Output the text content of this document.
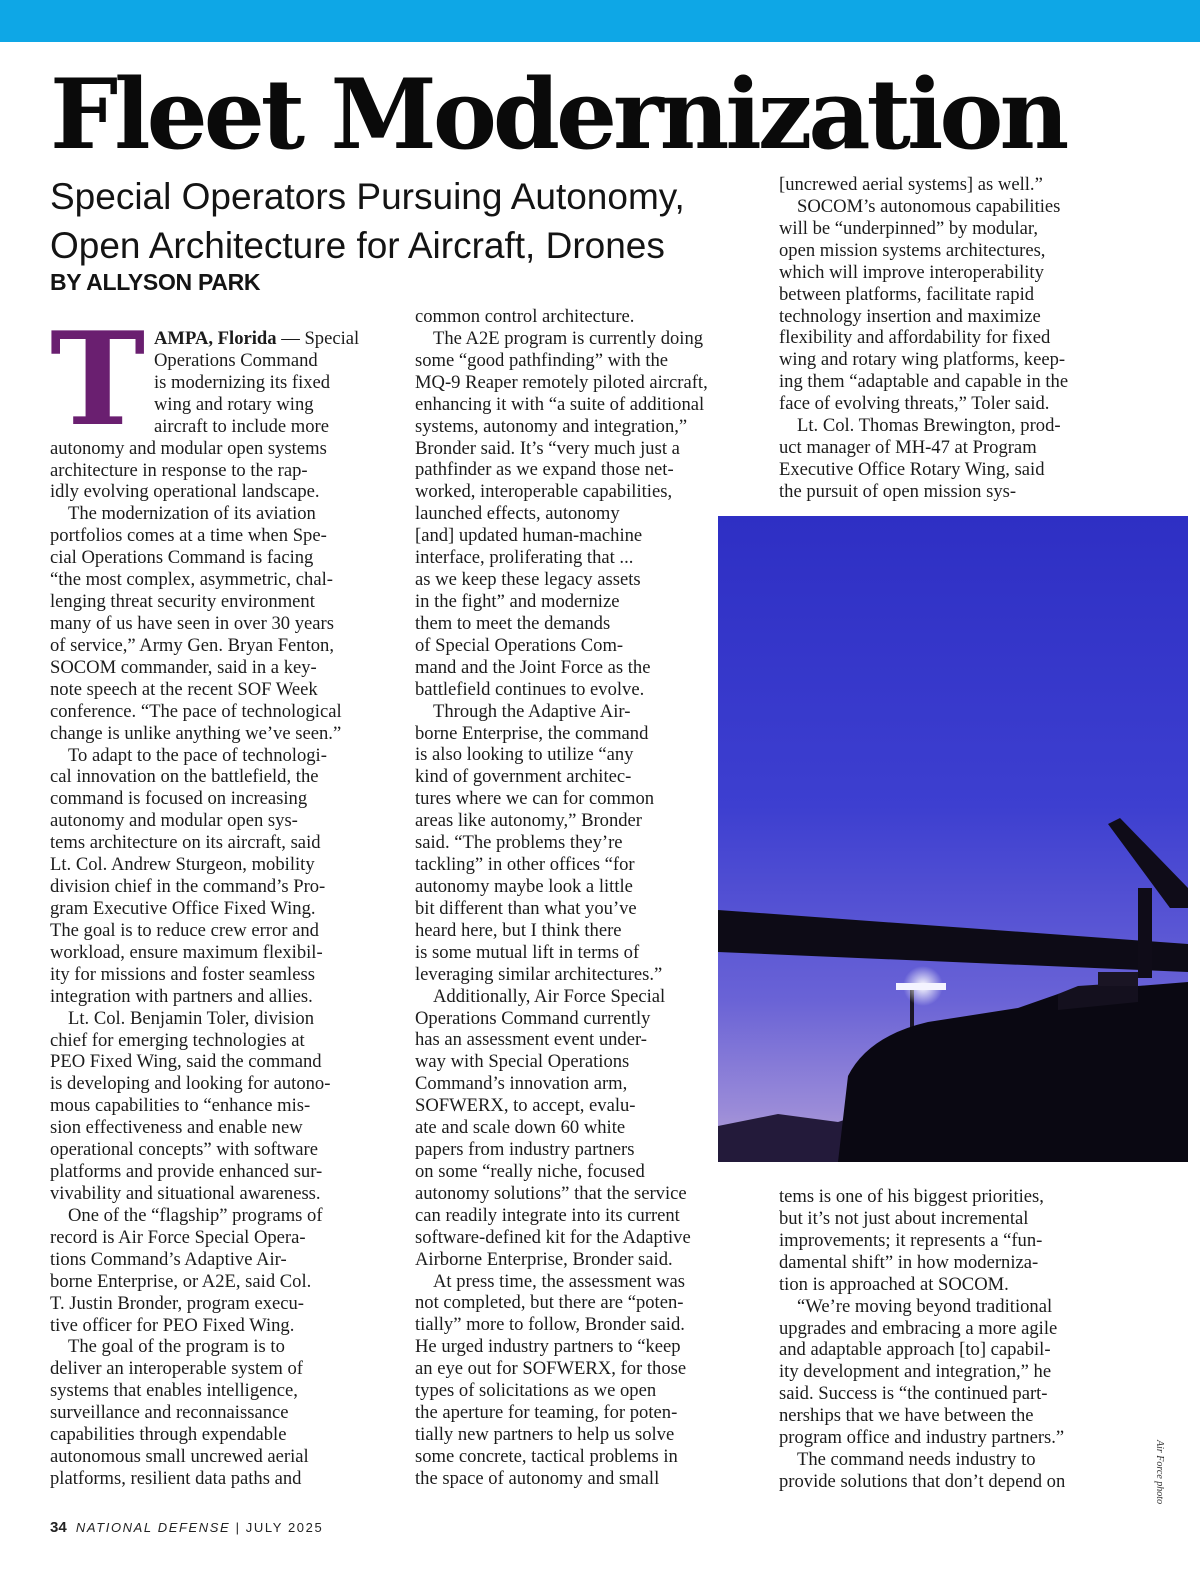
Fleet Modernization
Special Operators Pursuing Autonomy,
Open Architecture for Aircraft, Drones
BY ALLYSON PARK
T AMPA, Florida — Special
Operations Command
is modernizing its fixed
wing and rotary wing
aircraft to include more
autonomy and modular open systems
architecture in response to the rap-
idly evolving operational landscape.
The modernization of its aviation
portfolios comes at a time when Spe-
cial Operations Command is facing
“the most complex, asymmetric, chal-
lenging threat security environment
many of us have seen in over 30 years
of service,” Army Gen. Bryan Fenton,
SOCOM commander, said in a key-
note speech at the recent SOF Week
conference. “The pace of technological
change is unlike anything we’ve seen.”
To adapt to the pace of technologi-
cal innovation on the battlefield, the
command is focused on increasing
autonomy and modular open sys-
tems architecture on its aircraft, said
Lt. Col. Andrew Sturgeon, mobility
division chief in the command’s Pro-
gram Executive Office Fixed Wing.
The goal is to reduce crew error and
workload, ensure maximum flexibil-
ity for missions and foster seamless
integration with partners and allies.
Lt. Col. Benjamin Toler, division
chief for emerging technologies at
PEO Fixed Wing, said the command
is developing and looking for autono-
mous capabilities to “enhance mis-
sion effectiveness and enable new
operational concepts” with software
platforms and provide enhanced sur-
vivability and situational awareness.
One of the “flagship” programs of
record is Air Force Special Opera-
tions Command’s Adaptive Air-
borne Enterprise, or A2E, said Col.
T. Justin Bronder, program execu-
tive officer for PEO Fixed Wing.
The goal of the program is to
deliver an interoperable system of
systems that enables intelligence,
surveillance and reconnaissance
capabilities through expendable
autonomous small uncrewed aerial
platforms, resilient data paths and
common control architecture.
The A2E program is currently doing
some “good pathfinding” with the
MQ-9 Reaper remotely piloted aircraft,
enhancing it with “a suite of additional
systems, autonomy and integration,”
Bronder said. It’s “very much just a
pathfinder as we expand those net-
worked, interoperable capabilities,
launched effects, autonomy
[and] updated human-machine
interface, proliferating that ...
as we keep these legacy assets
in the fight” and modernize
them to meet the demands
of Special Operations Com-
mand and the Joint Force as the
battlefield continues to evolve.
Through the Adaptive Air-
borne Enterprise, the command
is also looking to utilize “any
kind of government architec-
tures where we can for common
areas like autonomy,” Bronder
said. “The problems they’re
tackling” in other offices “for
autonomy maybe look a little
bit different than what you’ve
heard here, but I think there
is some mutual lift in terms of
leveraging similar architectures.”
Additionally, Air Force Special
Operations Command currently
has an assessment event under-
way with Special Operations
Command’s innovation arm,
SOFWERX, to accept, evalu-
ate and scale down 60 white
papers from industry partners
on some “really niche, focused
autonomy solutions” that the service
can readily integrate into its current
software-defined kit for the Adaptive
Airborne Enterprise, Bronder said.
At press time, the assessment was
not completed, but there are “poten-
tially” more to follow, Bronder said.
He urged industry partners to “keep
an eye out for SOFWERX, for those
types of solicitations as we open
the aperture for teaming, for poten-
tially new partners to help us solve
some concrete, tactical problems in
the space of autonomy and small
[uncrewed aerial systems] as well.”
SOCOM’s autonomous capabilities
will be “underpinned” by modular,
open mission systems architectures,
which will improve interoperability
between platforms, facilitate rapid
technology insertion and maximize
flexibility and affordability for fixed
wing and rotary wing platforms, keep-
ing them “adaptable and capable in the
face of evolving threats,” Toler said.
Lt. Col. Thomas Brewington, prod-
uct manager of MH-47 at Program
Executive Office Rotary Wing, said
the pursuit of open mission sys-
tems is one of his biggest priorities,
but it’s not just about incremental
improvements; it represents a “fun-
damental shift” in how moderniza-
tion is approached at SOCOM.
“We’re moving beyond traditional
upgrades and embracing a more agile
and adaptable approach [to] capabil-
ity development and integration,” he
said. Success is “the continued part-
nerships that we have between the
program office and industry partners.”
The command needs industry to
provide solutions that don’t depend on	Air Force photo
34 NATIONAL DEFENSE | JULY 2025
